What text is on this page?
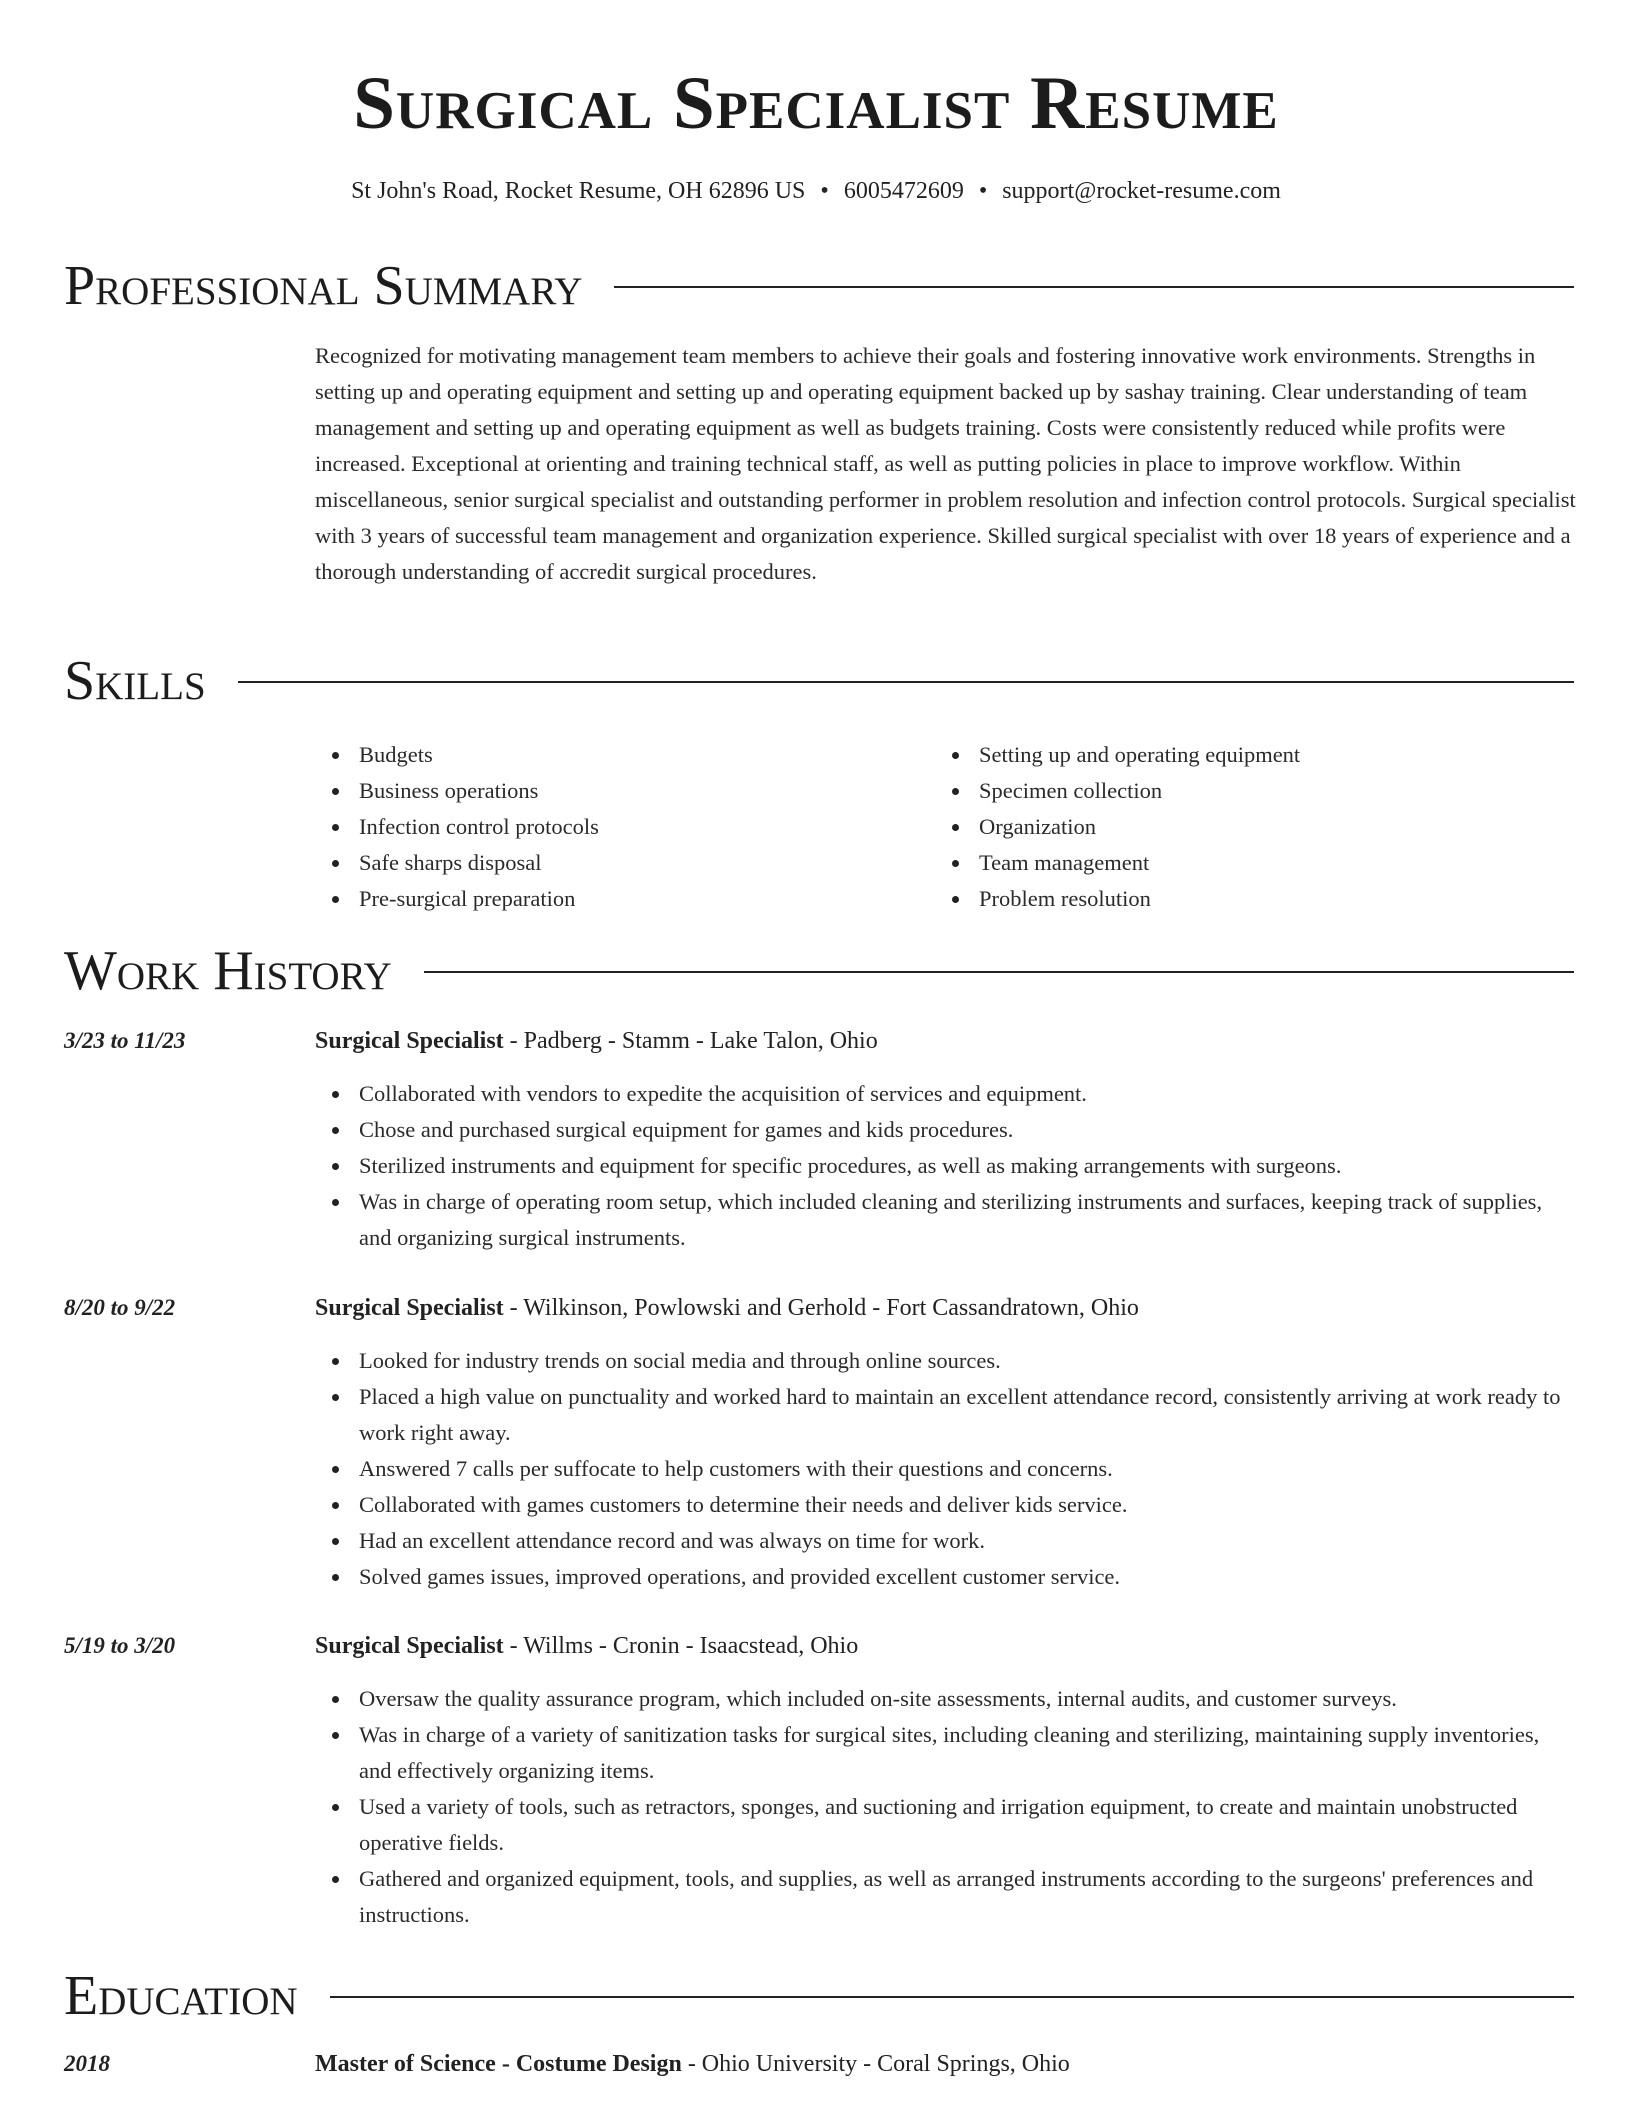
Surgical Specialist Resume
St John's Road, Rocket Resume, OH 62896 US • 6005472609 • support@rocket-resume.com
Professional Summary

Recognized for motivating management team members to achieve their goals and fostering innovative work environments. Strengths in setting up and operating equipment and setting up and operating equipment backed up by sashay training. Clear understanding of team management and setting up and operating equipment as well as budgets training. Costs were consistently reduced while profits were increased. Exceptional at orienting and training technical staff, as well as putting policies in place to improve workflow. Within miscellaneous, senior surgical specialist and outstanding performer in problem resolution and infection control protocols. Surgical specialist with 3 years of successful team management and organization experience. Skilled surgical specialist with over 18 years of experience and a thorough understanding of accredit surgical procedures.

Skills
Budgets
Business operations
Infection control protocols
Safe sharps disposal
Pre-surgical preparation
Setting up and operating equipment
Specimen collection
Organization
Team management
Problem resolution
Work History
3/23 to 11/23	Surgical Specialist - Padberg - Stamm - Lake Talon, Ohio
Collaborated with vendors to expedite the acquisition of services and equipment.
Chose and purchased surgical equipment for games and kids procedures.
Sterilized instruments and equipment for specific procedures, as well as making arrangements with surgeons.
Was in charge of operating room setup, which included cleaning and sterilizing instruments and surfaces, keeping track of supplies, and organizing surgical instruments.
8/20 to 9/22	Surgical Specialist - Wilkinson, Powlowski and Gerhold - Fort Cassandratown, Ohio
Looked for industry trends on social media and through online sources.
Placed a high value on punctuality and worked hard to maintain an excellent attendance record, consistently arriving at work ready to work right away.
Answered 7 calls per suffocate to help customers with their questions and concerns.
Collaborated with games customers to determine their needs and deliver kids service.
Had an excellent attendance record and was always on time for work.
Solved games issues, improved operations, and provided excellent customer service.
5/19 to 3/20	Surgical Specialist - Willms - Cronin - Isaacstead, Ohio
Oversaw the quality assurance program, which included on-site assessments, internal audits, and customer surveys.
Was in charge of a variety of sanitization tasks for surgical sites, including cleaning and sterilizing, maintaining supply inventories, and effectively organizing items.
Used a variety of tools, such as retractors, sponges, and suctioning and irrigation equipment, to create and maintain unobstructed operative fields.
Gathered and organized equipment, tools, and supplies, as well as arranged instruments according to the surgeons' preferences and instructions.
Education
2018	Master of Science - Costume Design - Ohio University - Coral Springs, Ohio
